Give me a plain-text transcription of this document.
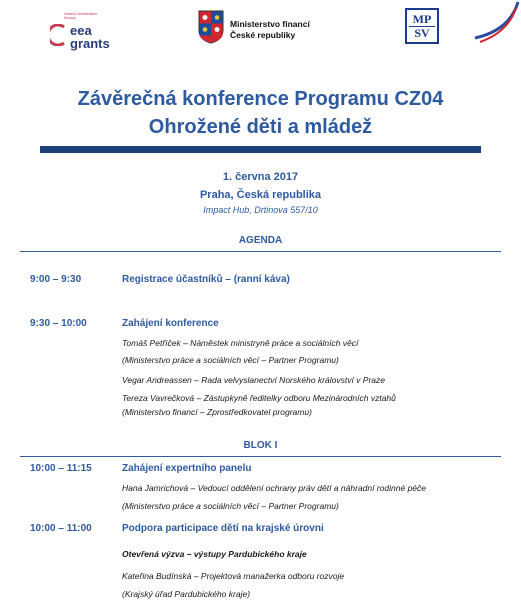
Iceland Liechtenstein Norway
eea
grants
Ministerstvo financí
České republiky
MP
SV
Závěrečná konference Programu CZ04
Ohrožené děti a mládež
1. června 2017
Praha, Česká republika
Impact Hub, Drtinova 557/10
AGENDA
9:00 – 9:30	Registrace účastníků – (ranní káva)
9:30 – 10:00	Zahájení konference
Tomáš Petříček – Náměstek ministryně práce a sociálních věcí
(Ministerstvo práce a sociálních věcí – Partner Programu)
Vegar Andreassen – Rada velvyslanectví Norského království v Praze
Tereza Vavrečková – Zástupkyně ředitelky odboru Mezinárodních vztahů
(Ministerstvo financí – Zprostředkovatel programu)
BLOK I
10:00 – 11:15	Zahájení expertního panelu
Hana Jamrichová – Vedoucí oddělení ochrany práv dětí a náhradní rodinné péče
(Ministerstvo práce a sociálních věcí – Partner Programu)
10:00 – 11:00	Podpora participace dětí na krajské úrovni
Otevřená výzva – výstupy Pardubického kraje
Kateřina Budínská – Projektová manažerka odboru rozvoje
(Krajský úřad Pardubického kraje)
